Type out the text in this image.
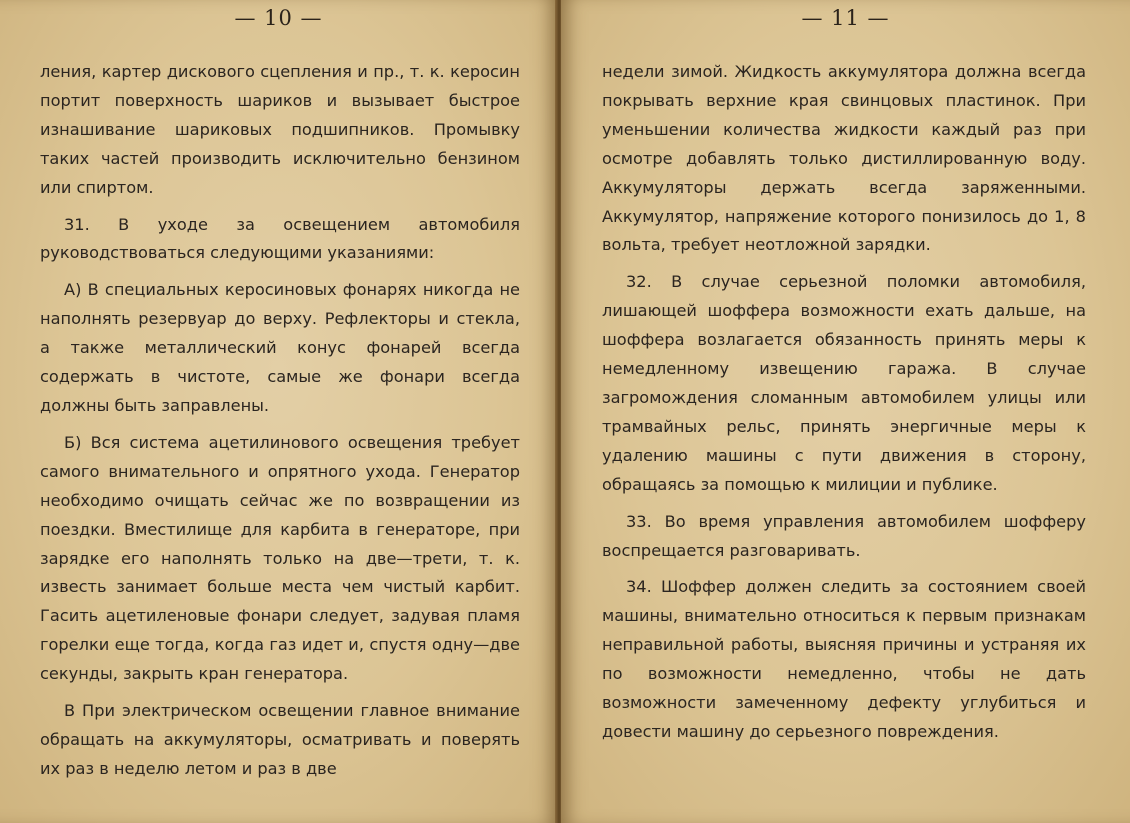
— 10 —

ления, картер дискового сцепления и пр., т. к. керосин портит поверхность шариков и вызывает быстрое изнашивание шариковых подшипников. Промывку таких частей производить исключительно бензином или спиртом.

31. В уходе за освещением автомобиля руководствоваться следующими указаниями:

А) В специальных керосиновых фонарях никогда не наполнять резервуар до верху. Рефлекторы и стекла, а также металлический конус фонарей всегда содержать в чистоте, самые же фонари всегда должны быть заправлены.

Б) Вся система ацетилинового освещения требует самого внимательного и опрятного ухода. Генератор необходимо очищать сейчас же по возвращении из поездки. Вместилище для карбита в генераторе, при зарядке его наполнять только на две—трети, т. к. известь занимает больше места чем чистый карбит. Гасить ацетиленовые фонари следует, задувая пламя горелки еще тогда, когда газ идет и, спустя одну—две секунды, закрыть кран генератора.

В При электрическом освещении главное внимание обращать на аккумуляторы, осматривать и поверять их раз в неделю летом и раз в две

— 11 —

недели зимой. Жидкость аккумулятора должна всегда покрывать верхние края свинцовых пластинок. При уменьшении количества жидкости каждый раз при осмотре добавлять только дистиллированную воду. Аккумуляторы держать всегда заряженными. Аккумулятор, напряжение которого понизилось до 1, 8 вольта, требует неотложной зарядки.

32. В случае серьезной поломки автомобиля, лишающей шоффера возможности ехать дальше, на шоффера возлагается обязанность принять меры к немедленному извещению гаража. В случае загромождения сломанным автомобилем улицы или трамвайных рельс, принять энергичные меры к удалению машины с пути движения в сторону, обращаясь за помощью к милиции и публике.

33. Во время управления автомобилем шофферу воспрещается разговаривать.

34. Шоффер должен следить за состоянием своей машины, внимательно относиться к первым признакам неправильной работы, выясняя причины и устраняя их по возможности немедленно, чтобы не дать возможности замеченному дефекту углубиться и довести машину до серьезного повреждения.
